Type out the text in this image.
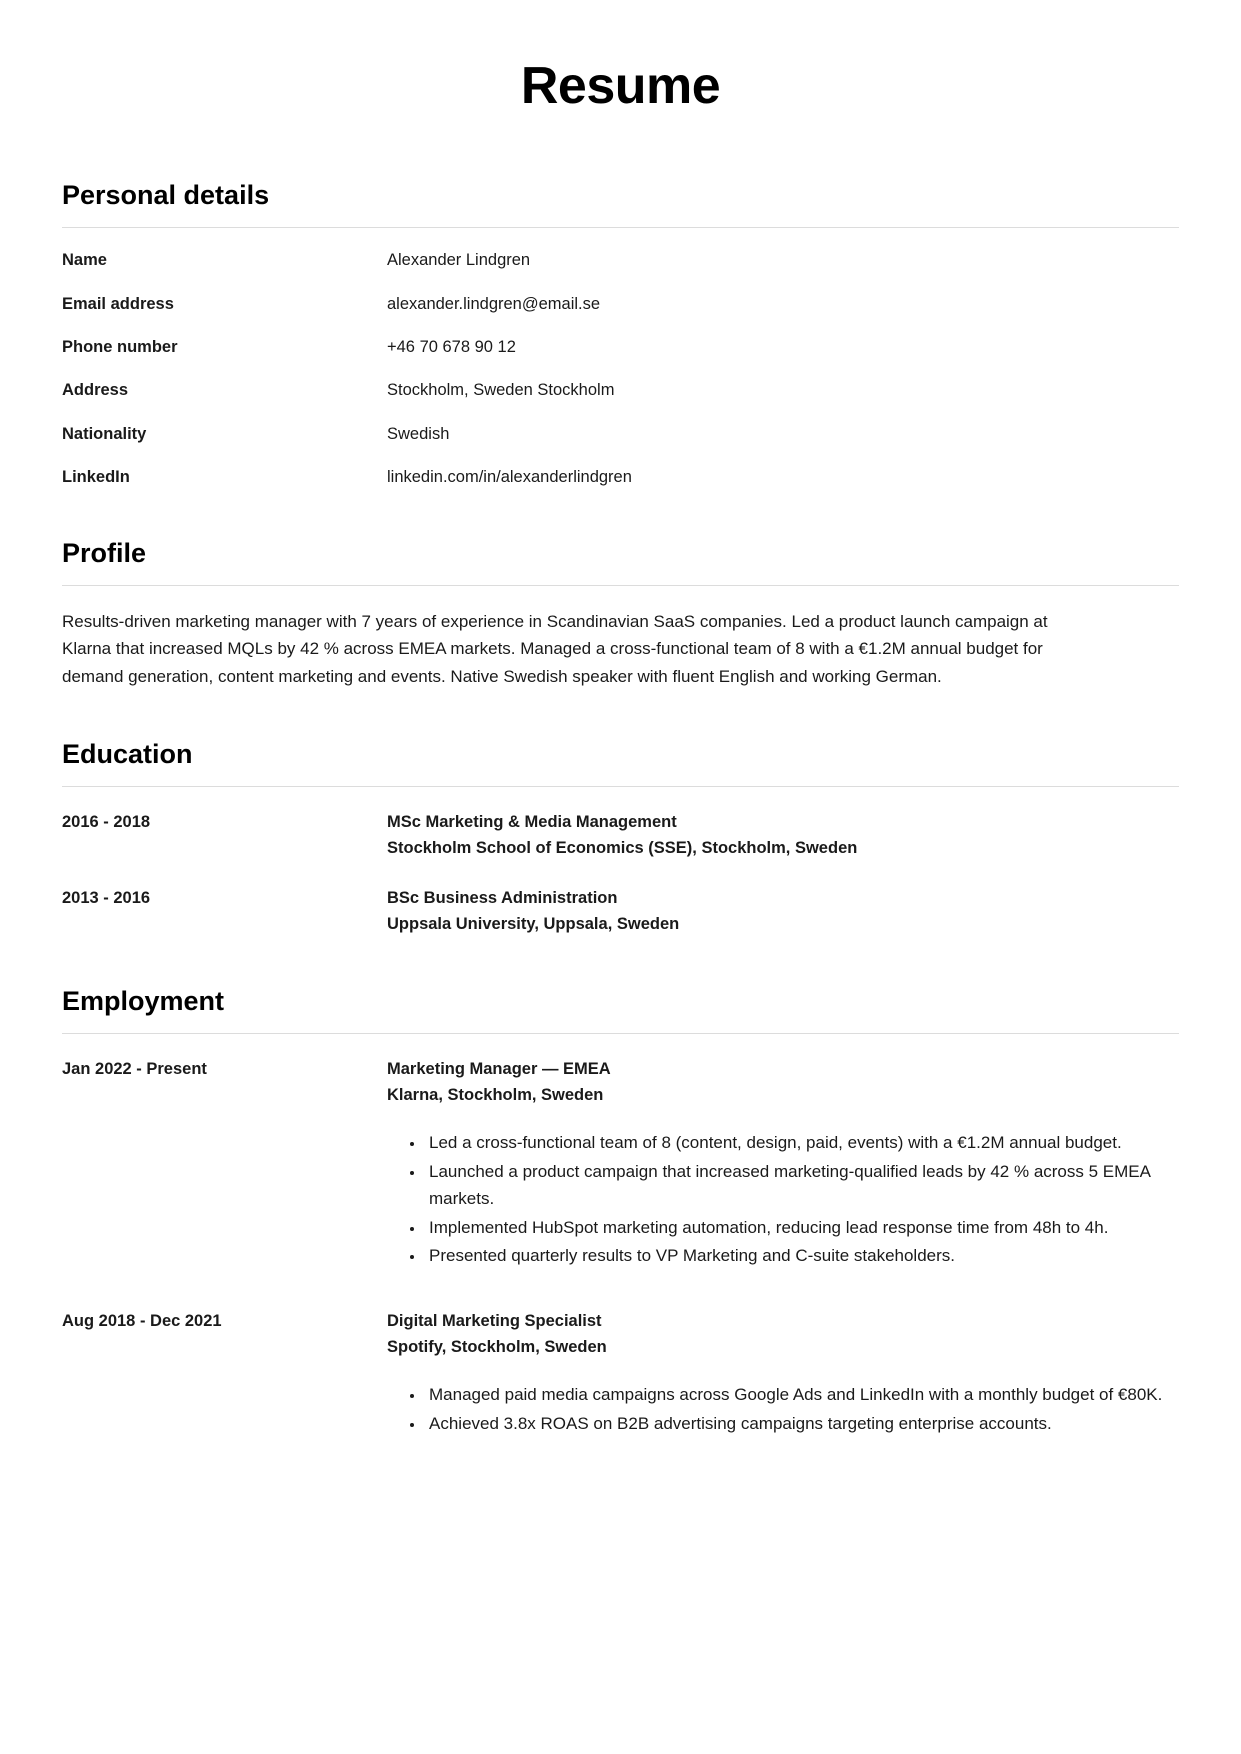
Resume
Personal details
Name	Alexander Lindgren
Email address	alexander.lindgren@email.se
Phone number	+46 70 678 90 12
Address	Stockholm, Sweden Stockholm
Nationality	Swedish
LinkedIn	linkedin.com/in/alexanderlindgren
Profile

Results-driven marketing manager with 7 years of experience in Scandinavian SaaS companies. Led a product launch campaign at Klarna that increased MQLs by 42 % across EMEA markets. Managed a cross-functional team of 8 with a €1.2M annual budget for demand generation, content marketing and events. Native Swedish speaker with fluent English and working German.

Education
2016 - 2018	MSc Marketing & Media Management
Stockholm School of Economics (SSE), Stockholm, Sweden
2013 - 2016	BSc Business Administration
Uppsala University, Uppsala, Sweden
Employment
Jan 2022 - Present	Marketing Manager — EMEA
Klarna, Stockholm, Sweden
• Led a cross-functional team of 8 (content, design, paid, events) with a €1.2M annual budget.
• Launched a product campaign that increased marketing-qualified leads by 42 % across 5 EMEA markets.
• Implemented HubSpot marketing automation, reducing lead response time from 48h to 4h.
• Presented quarterly results to VP Marketing and C-suite stakeholders.
Aug 2018 - Dec 2021	Digital Marketing Specialist
Spotify, Stockholm, Sweden
• Managed paid media campaigns across Google Ads and LinkedIn with a monthly budget of €80K.
• Achieved 3.8x ROAS on B2B advertising campaigns targeting enterprise accounts.
